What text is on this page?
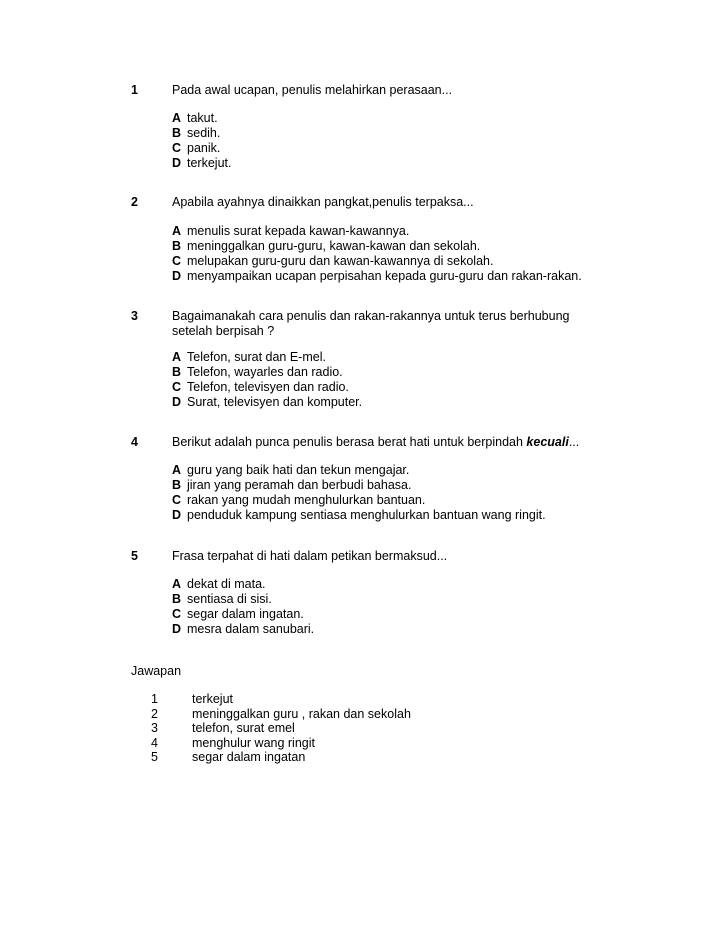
1	Pada awal ucapan, penulis melahirkan perasaan...
A takut.
B sedih.
C panik.
D terkejut.
2	Apabila ayahnya dinaikkan pangkat,penulis terpaksa...
A menulis surat kepada kawan-kawannya.
B meninggalkan guru-guru, kawan-kawan dan sekolah.
C melupakan guru-guru dan kawan-kawannya di sekolah.
D menyampaikan ucapan perpisahan kepada guru-guru dan rakan-rakan.
3	Bagaimanakah cara penulis dan rakan-rakannya untuk terus berhubung
setelah berpisah ?
A Telefon, surat dan E-mel.
B Telefon, wayarles dan radio.
C Telefon, televisyen dan radio.
D Surat, televisyen dan komputer.
4	Berikut adalah punca penulis berasa berat hati untuk berpindah kecuali...
A guru yang baik hati dan tekun mengajar.
B jiran yang peramah dan berbudi bahasa.
C rakan yang mudah menghulurkan bantuan.
D penduduk kampung sentiasa menghulurkan bantuan wang ringit.
5	Frasa terpahat di hati dalam petikan bermaksud...
A dekat di mata.
B sentiasa di sisi.
C segar dalam ingatan.
D mesra dalam sanubari.
Jawapan
1	terkejut
2	meninggalkan guru , rakan dan sekolah
3	telefon, surat emel
4	menghulur wang ringit
5	segar dalam ingatan
